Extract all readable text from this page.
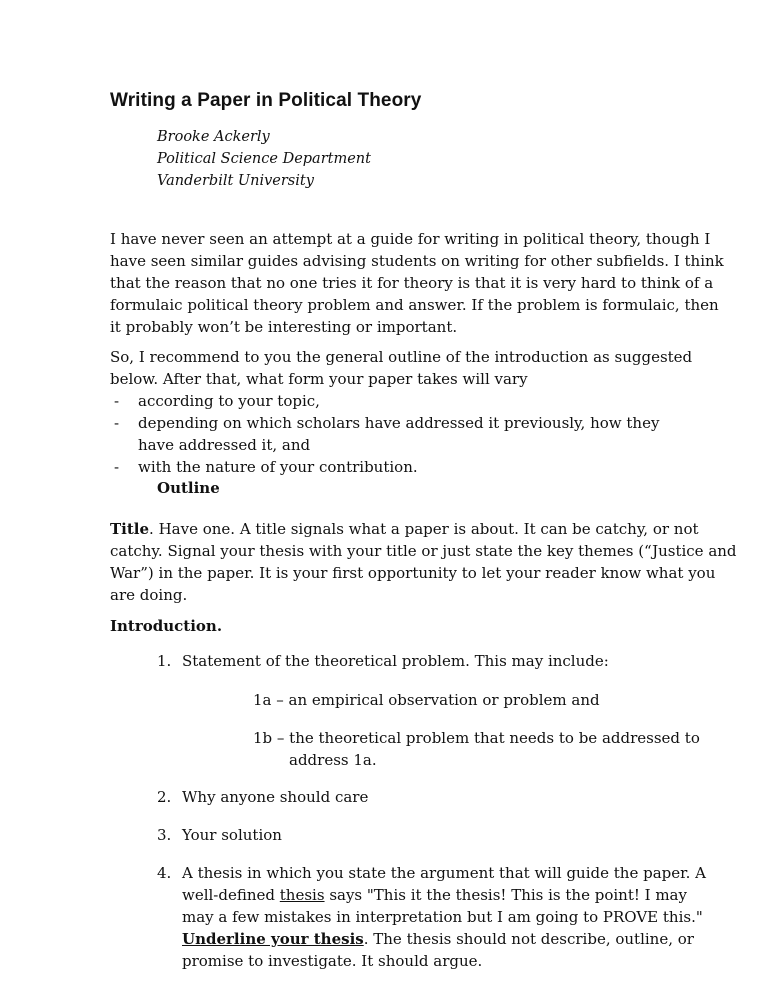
Writing a Paper in Political Theory
Brooke Ackerly
Political Science Department
Vanderbilt University
I have never seen an attempt at a guide for writing in political theory, though I
have seen similar guides advising students on writing for other subfields. I think
that the reason that no one tries it for theory is that it is very hard to think of a
formulaic political theory problem and answer. If the problem is formulaic, then
it probably won’t be interesting or important.
So, I recommend to you the general outline of the introduction as suggested
below. After that, what form your paper takes will vary
- according to your topic,
- depending on which scholars have addressed it previously, how they
have addressed it, and
- with the nature of your contribution.
Outline
Title. Have one. A title signals what a paper is about. It can be catchy, or not
catchy. Signal your thesis with your title or just state the key themes (“Justice and
War”) in the paper. It is your first opportunity to let your reader know what you
are doing.
Introduction.
1. Statement of the theoretical problem. This may include:
1a – an empirical observation or problem and
1b – the theoretical problem that needs to be addressed to
address 1a.
2. Why anyone should care
3. Your solution
4. A thesis in which you state the argument that will guide the paper. A
well-defined thesis says "This it the thesis! This is the point! I may
may a few mistakes in interpretation but I am going to PROVE this."
Underline your thesis. The thesis should not describe, outline, or
promise to investigate. It should argue.
